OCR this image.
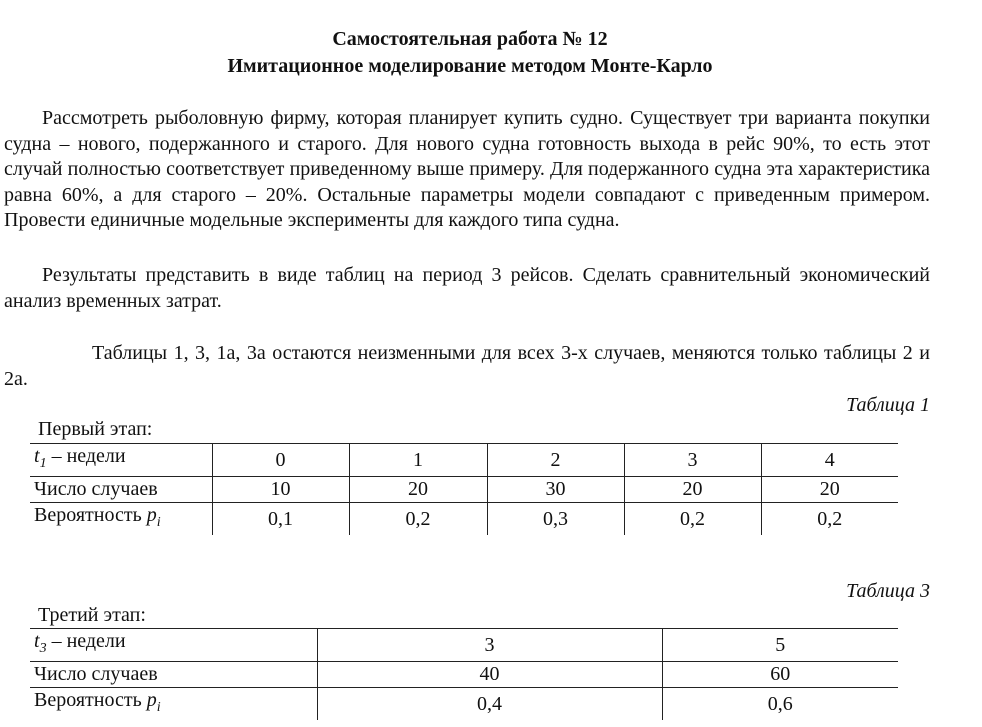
Самостоятельная работа № 12
Имитационное моделирование методом Монте-Карло

Рассмотреть рыболовную фирму, которая планирует купить судно. Существует три варианта покупки судна – нового, подержанного и старого. Для нового судна готовность выхода в рейс 90%, то есть этот случай полностью соответствует приведенному выше примеру. Для подержанного судна эта характеристика равна 60%, а для старого – 20%. Остальные параметры модели совпадают с приведенным примером. Провести единичные модельные эксперименты для каждого типа судна.

Результаты представить в виде таблиц на период 3 рейсов. Сделать сравнительный экономический анализ временных затрат.

Таблицы 1, 3, 1а, 3а остаются неизменными для всех 3-х случаев, меняются только таблицы 2 и 2а.

Таблица 1
Первый этап:
$t_1$ – недели	0	1	2	3	4
Число случаев	10	20	30	20	20
Вероятность $p_i$	0,1	0,2	0,3	0,2	0,2
Таблица 3
Третий этап:
$t_3$ – недели	3	5
Число случаев	40	60
Вероятность $p_i$	0,4	0,6
